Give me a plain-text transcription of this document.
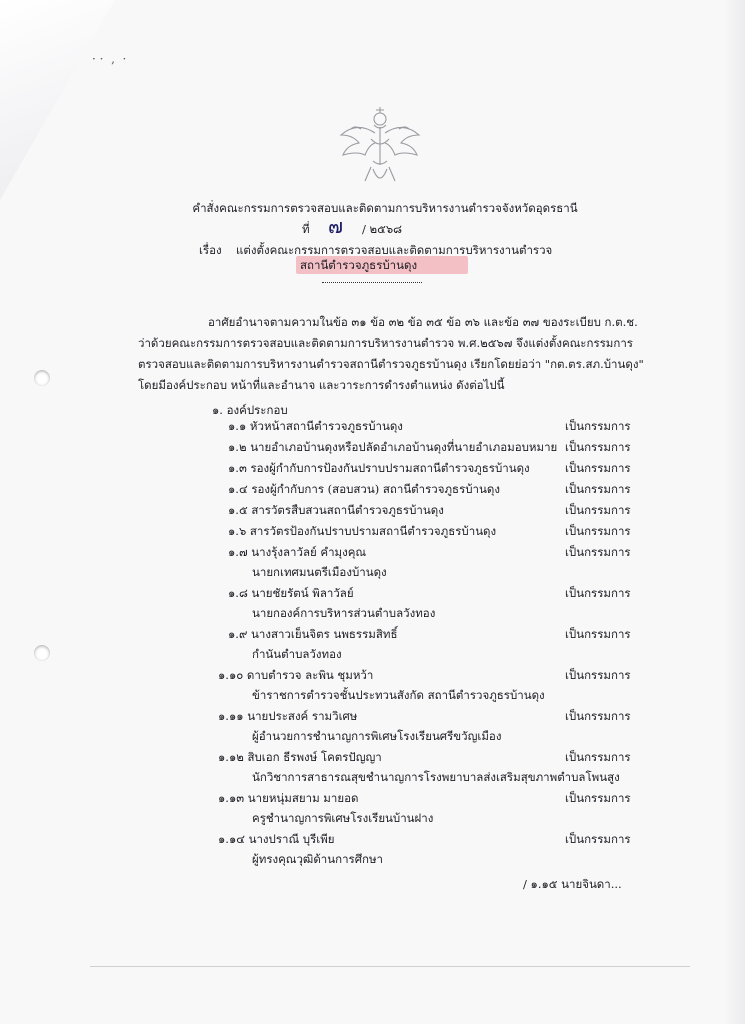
· ·  ,  ·
คำสั่งคณะกรรมการตรวจสอบและติดตามการบริหารงานตำรวจจังหวัดอุดรธานี
ที่ ๗ / ๒๕๖๘
เรื่อง แต่งตั้งคณะกรรมการตรวจสอบและติดตามการบริหารงานตำรวจ
สถานีตำรวจภูธรบ้านดุง
อาศัยอำนาจตามความในข้อ ๓๑ ข้อ ๓๒ ข้อ ๓๕ ข้อ ๓๖ และข้อ ๓๗ ของระเบียบ ก.ต.ช.
ว่าด้วยคณะกรรมการตรวจสอบและติดตามการบริหารงานตำรวจ พ.ศ.๒๕๖๗ จึงแต่งตั้งคณะกรรมการ
ตรวจสอบและติดตามการบริหารงานตำรวจสถานีตำรวจภูธรบ้านดุง เรียกโดยย่อว่า "กต.ตร.สภ.บ้านดุง"
โดยมีองค์ประกอบ หน้าที่และอำนาจ และวาระการดำรงตำแหน่ง ดังต่อไปนี้
๑. องค์ประกอบ
๑.๑ หัวหน้าสถานีตำรวจภูธรบ้านดุง	เป็นกรรมการ
๑.๒ นายอำเภอบ้านดุงหรือปลัดอำเภอบ้านดุงที่นายอำเภอมอบหมาย เป็นกรรมการ
๑.๓ รองผู้กำกับการป้องกันปราบปรามสถานีตำรวจภูธรบ้านดุง	เป็นกรรมการ
๑.๔ รองผู้กำกับการ (สอบสวน) สถานีตำรวจภูธรบ้านดุง	เป็นกรรมการ
๑.๕ สารวัตรสืบสวนสถานีตำรวจภูธรบ้านดุง	เป็นกรรมการ
๑.๖ สารวัตรป้องกันปราบปรามสถานีตำรวจภูธรบ้านดุง	เป็นกรรมการ
๑.๗ นางรุ้งลาวัลย์ คำมุงคุณ	เป็นกรรมการ
นายกเทศมนตรีเมืองบ้านดุง
๑.๘ นายชัยรัตน์ พิลาวัลย์	เป็นกรรมการ
นายกองค์การบริหารส่วนตำบลวังทอง
๑.๙ นางสาวเย็นจิตร นพธรรมสิทธิ์	เป็นกรรมการ
กำนันตำบลวังทอง
๑.๑๐ ดาบตำรวจ ละพิน ชุมหว้า	เป็นกรรมการ
ข้าราชการตำรวจชั้นประทวนสังกัด สถานีตำรวจภูธรบ้านดุง
๑.๑๑ นายประสงค์ รามวิเศษ	เป็นกรรมการ
ผู้อำนวยการชำนาญการพิเศษโรงเรียนศรีขวัญเมือง
๑.๑๒ สิบเอก ธีรพงษ์ โคตรปัญญา	เป็นกรรมการ
นักวิชาการสาธารณสุขชำนาญการโรงพยาบาลส่งเสริมสุขภาพตำบลโพนสูง
๑.๑๓ นายหนุ่มสยาม มายอด	เป็นกรรมการ
ครูชำนาญการพิเศษโรงเรียนบ้านฝาง
๑.๑๔ นางปราณี บุรีเพีย	เป็นกรรมการ
ผู้ทรงคุณวุฒิด้านการศึกษา
/ ๑.๑๕ นายจินดา...
